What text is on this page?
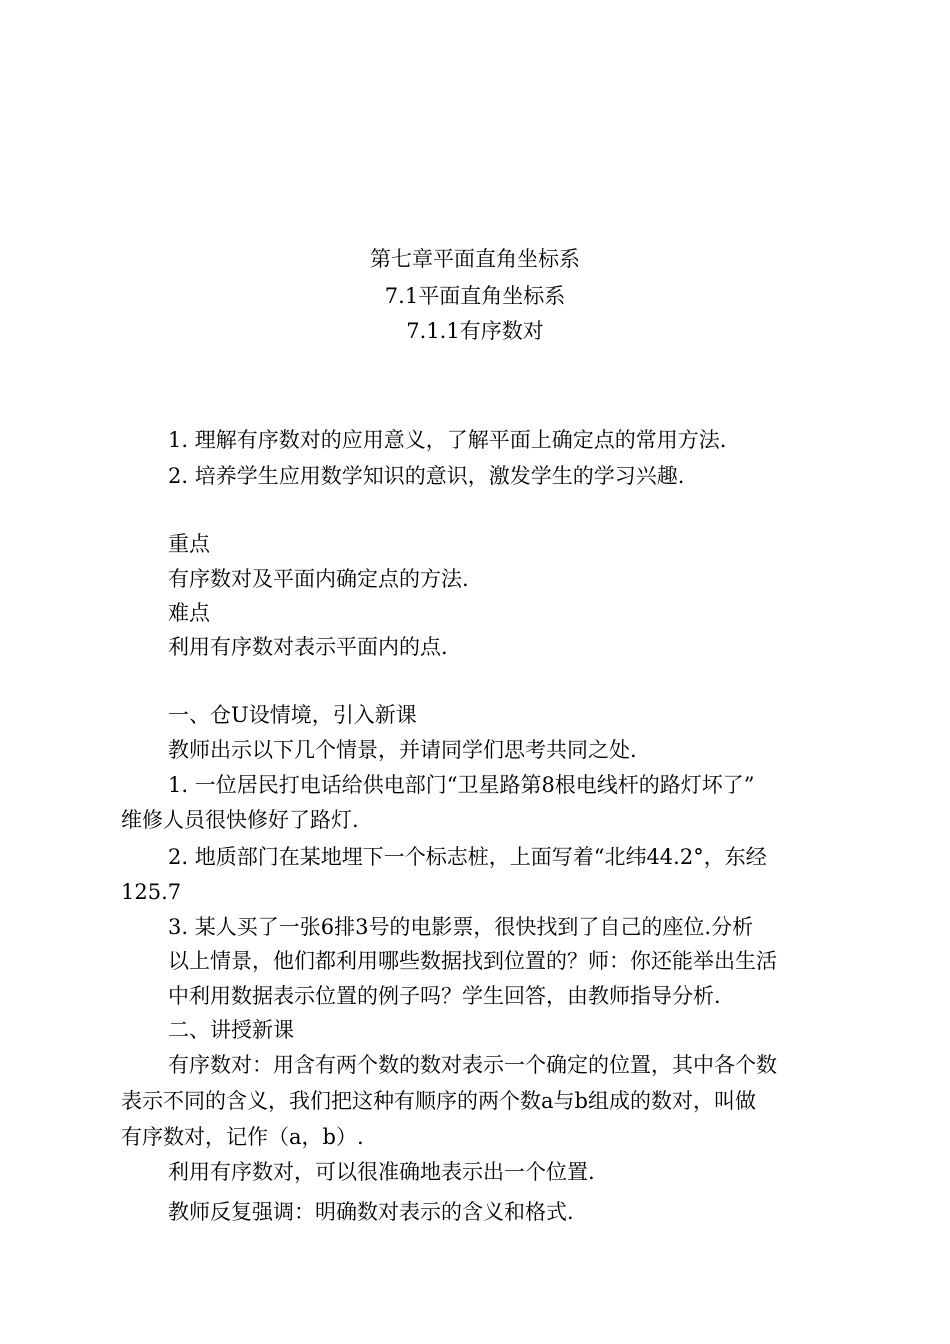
第七章平面直角坐标系
7.1平面直角坐标系
7.1.1有序数对
1. 理解有序数对的应用意义，了解平面上确定点的常用方法.
2. 培养学生应用数学知识的意识，激发学生的学习兴趣.
重点
有序数对及平面内确定点的方法.
难点
利用有序数对表示平面内的点.
一、仓U设情境，引入新课
教师出示以下几个情景，并请同学们思考共同之处.
1. 一位居民打电话给供电部门“卫星路第8根电线杆的路灯坏了”
维修人员很快修好了路灯.
2. 地质部门在某地埋下一个标志桩，上面写着“北纬44.2°，东经
125.7
3. 某人买了一张6排3号的电影票，很快找到了自己的座位.分析
以上情景，他们都利用哪些数据找到位置的？师：你还能举出生活
中利用数据表示位置的例子吗？学生回答，由教师指导分析.
二、讲授新课
有序数对：用含有两个数的数对表示一个确定的位置，其中各个数
表示不同的含义，我们把这种有顺序的两个数a与b组成的数对，叫做
有序数对，记作（a，b）.
利用有序数对，可以很准确地表示出一个位置.
教师反复强调：明确数对表示的含义和格式.
